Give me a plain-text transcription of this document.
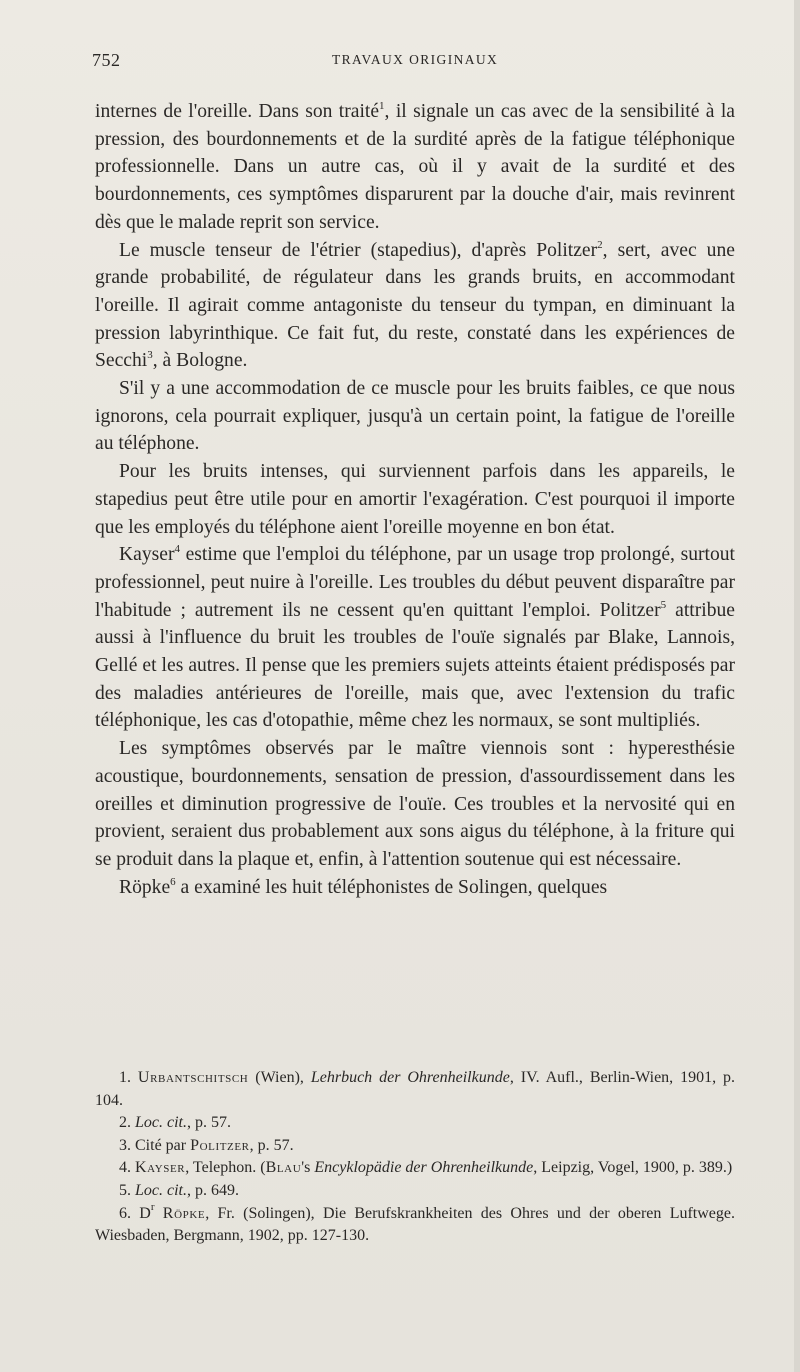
752	TRAVAUX ORIGINAUX

internes de l'oreille. Dans son traité$^1$, il signale un cas avec de la sensibilité à la pression, des bourdonnements et de la surdité après de la fatigue téléphonique professionnelle. Dans un autre cas, où il y avait de la surdité et des bourdonnements, ces symptômes disparurent par la douche d'air, mais revinrent dès que le malade reprit son service.

Le muscle tenseur de l'étrier (stapedius), d'après Politzer$^2$, sert, avec une grande probabilité, de régulateur dans les grands bruits, en accommodant l'oreille. Il agirait comme antagoniste du tenseur du tympan, en diminuant la pression labyrinthique. Ce fait fut, du reste, constaté dans les expériences de Secchi$^3$, à Bologne.

S'il y a une accommodation de ce muscle pour les bruits faibles, ce que nous ignorons, cela pourrait expliquer, jusqu'à un certain point, la fatigue de l'oreille au téléphone.

Pour les bruits intenses, qui surviennent parfois dans les appareils, le stapedius peut être utile pour en amortir l'exagération. C'est pourquoi il importe que les employés du téléphone aient l'oreille moyenne en bon état.

Kayser$^4$ estime que l'emploi du téléphone, par un usage trop prolongé, surtout professionnel, peut nuire à l'oreille. Les troubles du début peuvent disparaître par l'habitude ; autrement ils ne cessent qu'en quittant l'emploi. Politzer$^5$ attribue aussi à l'influence du bruit les troubles de l'ouïe signalés par Blake, Lannois, Gellé et les autres. Il pense que les premiers sujets atteints étaient prédisposés par des maladies antérieures de l'oreille, mais que, avec l'extension du trafic téléphonique, les cas d'otopathie, même chez les normaux, se sont multipliés.

Les symptômes observés par le maître viennois sont : hyperesthésie acoustique, bourdonnements, sensation de pression, d'assourdissement dans les oreilles et diminution progressive de l'ouïe. Ces troubles et la nervosité qui en provient, seraient dus probablement aux sons aigus du téléphone, à la friture qui se produit dans la plaque et, enfin, à l'attention soutenue qui est nécessaire.

Röpke$^6$ a examiné les huit téléphonistes de Solingen, quelques

1. Urbantschitsch (Wien), Lehrbuch der Ohrenheilkunde, IV. Aufl., Berlin-Wien, 1901, p. 104.

2. Loc. cit., p. 57.

3. Cité par Politzer, p. 57.

4. Kayser, Telephon. (Blau's Encyklopädie der Ohrenheilkunde, Leipzig, Vogel, 1900, p. 389.)

5. Loc. cit., p. 649.

6. D$^r$ Röpke, Fr. (Solingen), Die Berufskrankheiten des Ohres und der oberen Luftwege. Wiesbaden, Bergmann, 1902, pp. 127-130.
